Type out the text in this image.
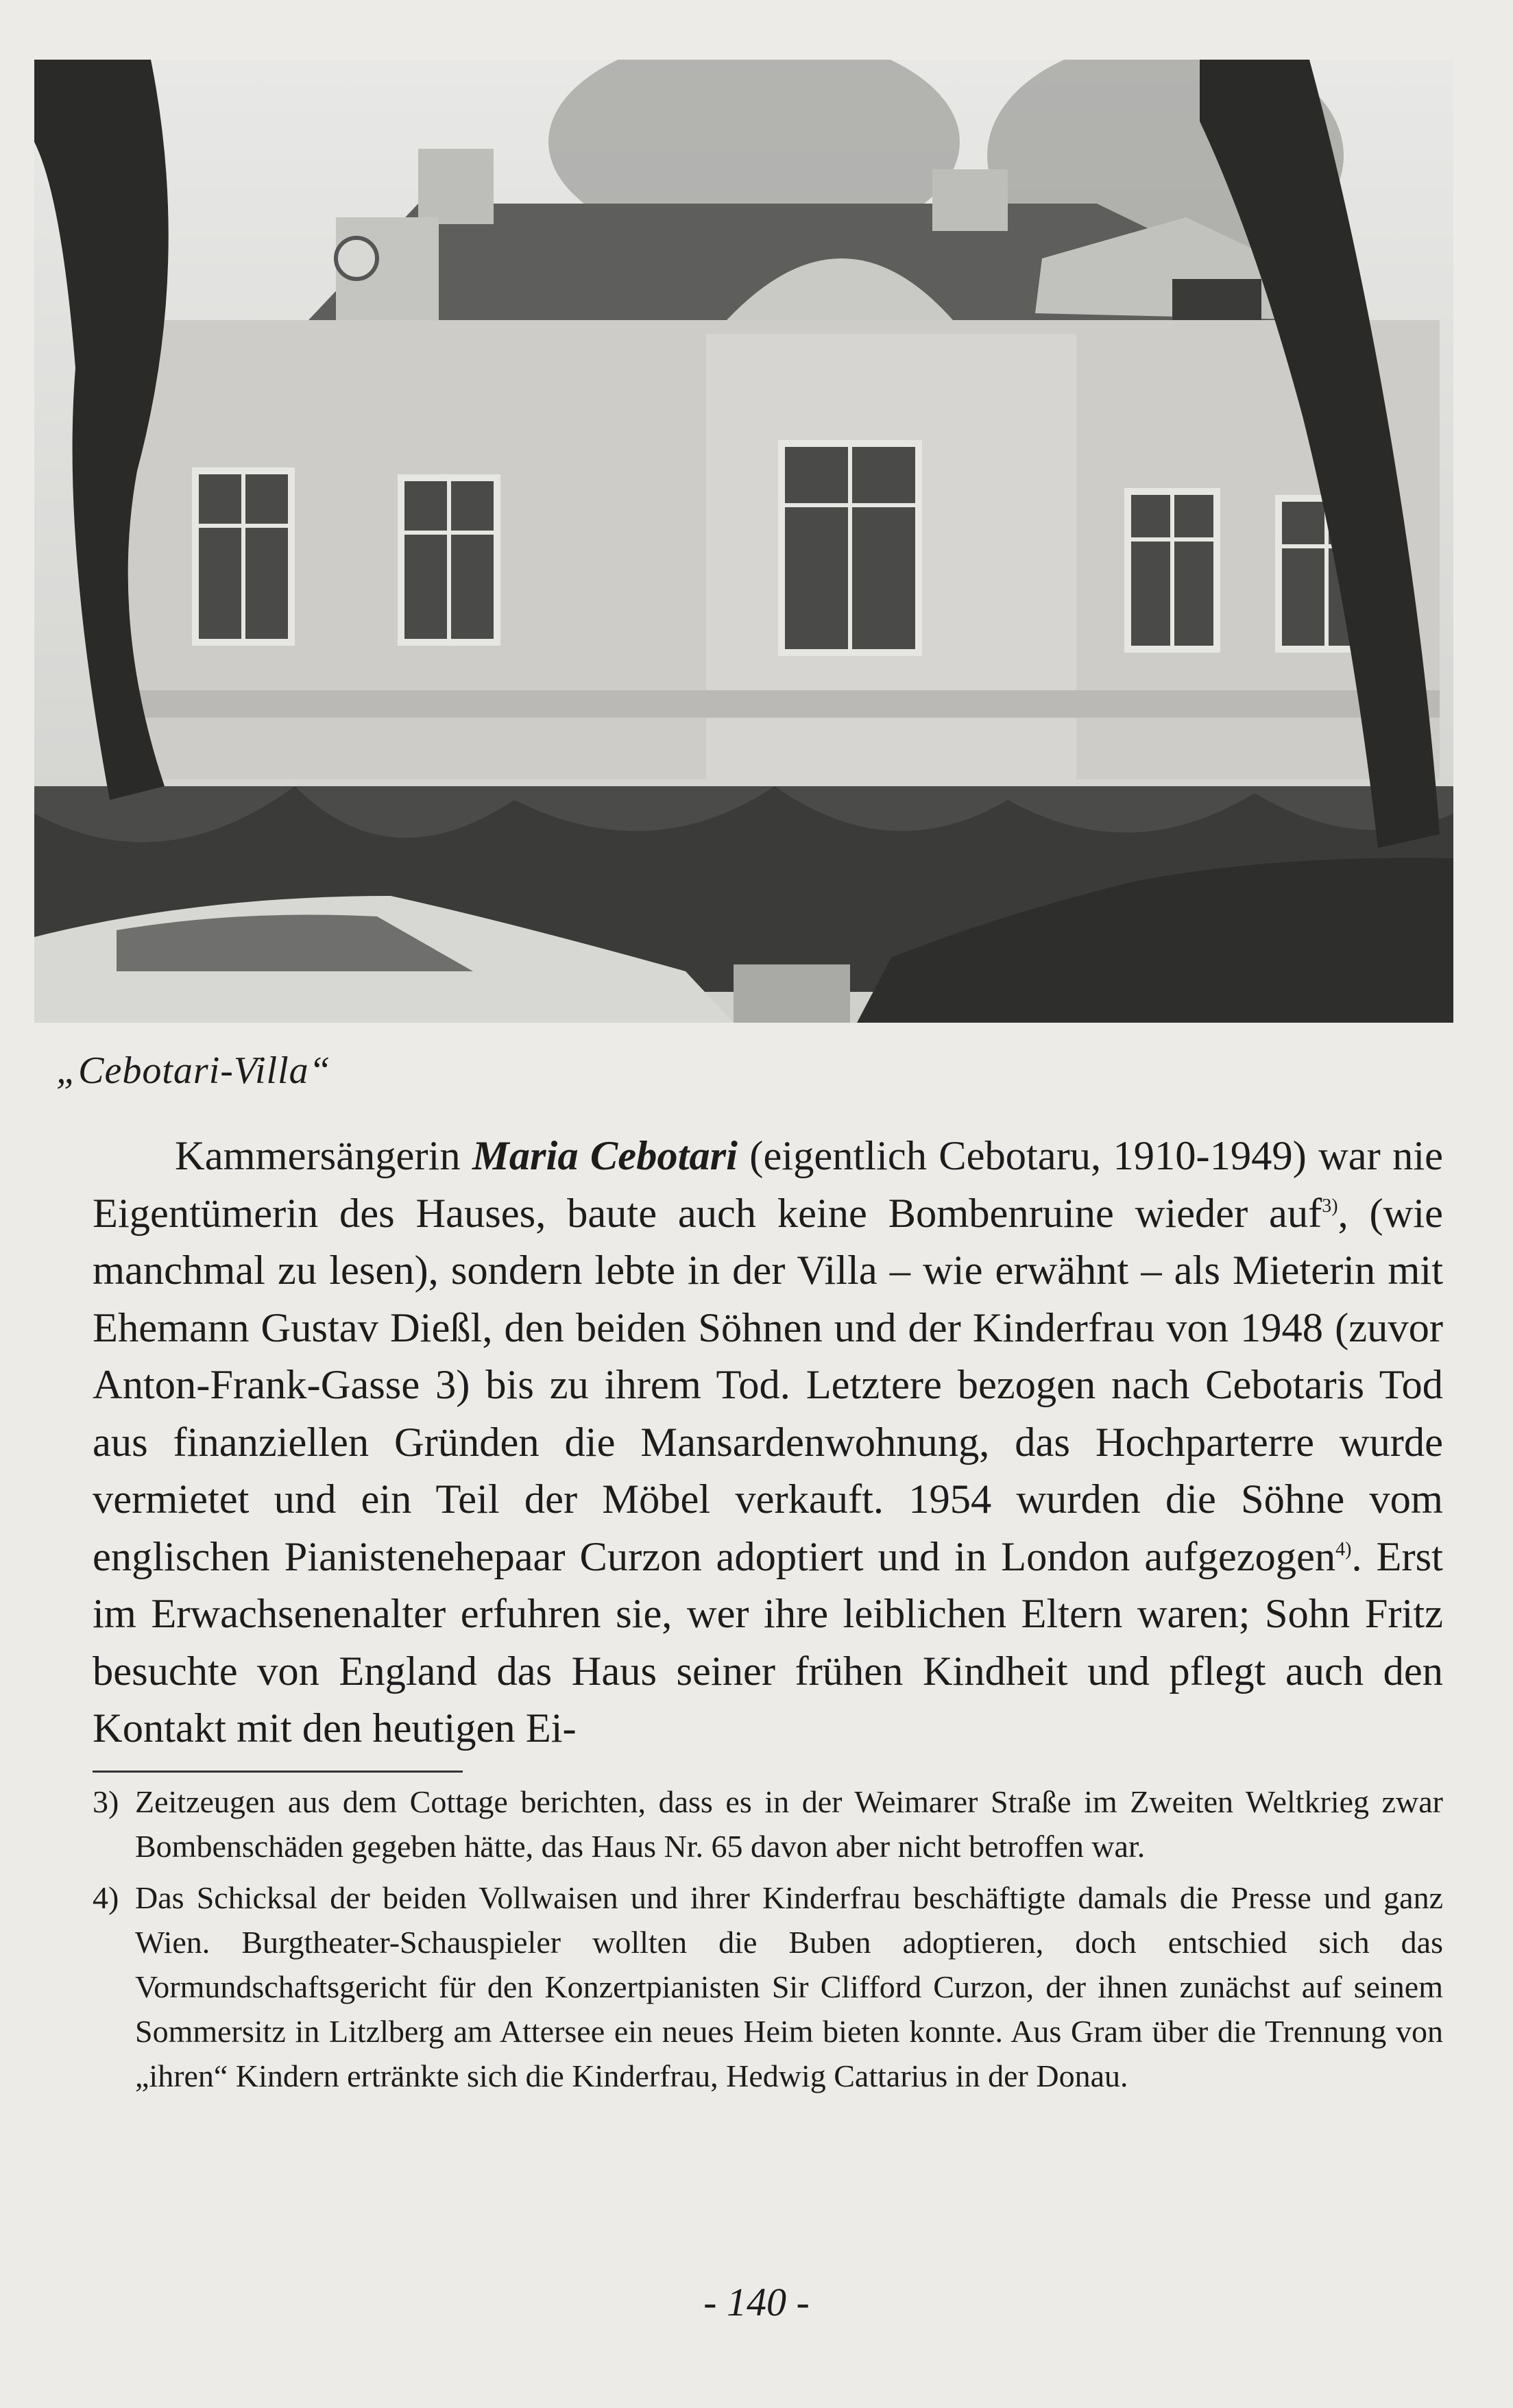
„Cebotari-Villa“

Kammersängerin Maria Cebotari (eigentlich Cebotaru, 1910-1949) war nie Eigentümerin des Hauses, baute auch keine Bombenruine wieder auf$^{3)}$, (wie manchmal zu lesen), sondern lebte in der Villa – wie erwähnt – als Mieterin mit Ehemann Gustav Dießl, den beiden Söhnen und der Kinderfrau von 1948 (zuvor Anton-Frank-Gasse 3) bis zu ihrem Tod. Letztere bezogen nach Cebotaris Tod aus finanziellen Gründen die Mansardenwohnung, das Hochparterre wurde vermietet und ein Teil der Möbel verkauft. 1954 wurden die Söhne vom englischen Pianistenehepaar Curzon adoptiert und in London aufgezogen$^{4)}$. Erst im Erwachsenenalter erfuhren sie, wer ihre leiblichen Eltern waren; Sohn Fritz besuchte von England das Haus seiner frühen Kindheit und pflegt auch den Kontakt mit den heutigen Ei-

3) Zeitzeugen aus dem Cottage berichten, dass es in der Weimarer Straße im Zweiten Weltkrieg zwar Bombenschäden gegeben hätte, das Haus Nr. 65 davon aber nicht betroffen war.
4) Das Schicksal der beiden Vollwaisen und ihrer Kinderfrau beschäftigte damals die Presse und ganz Wien. Burgtheater-Schauspieler wollten die Buben adoptieren, doch entschied sich das Vormundschaftsgericht für den Konzertpianisten Sir Clifford Curzon, der ihnen zunächst auf seinem Sommersitz in Litzlberg am Attersee ein neues Heim bieten konnte. Aus Gram über die Trennung von „ihren“ Kindern ertränkte sich die Kinderfrau, Hedwig Cattarius in der Donau.
- 140 -
